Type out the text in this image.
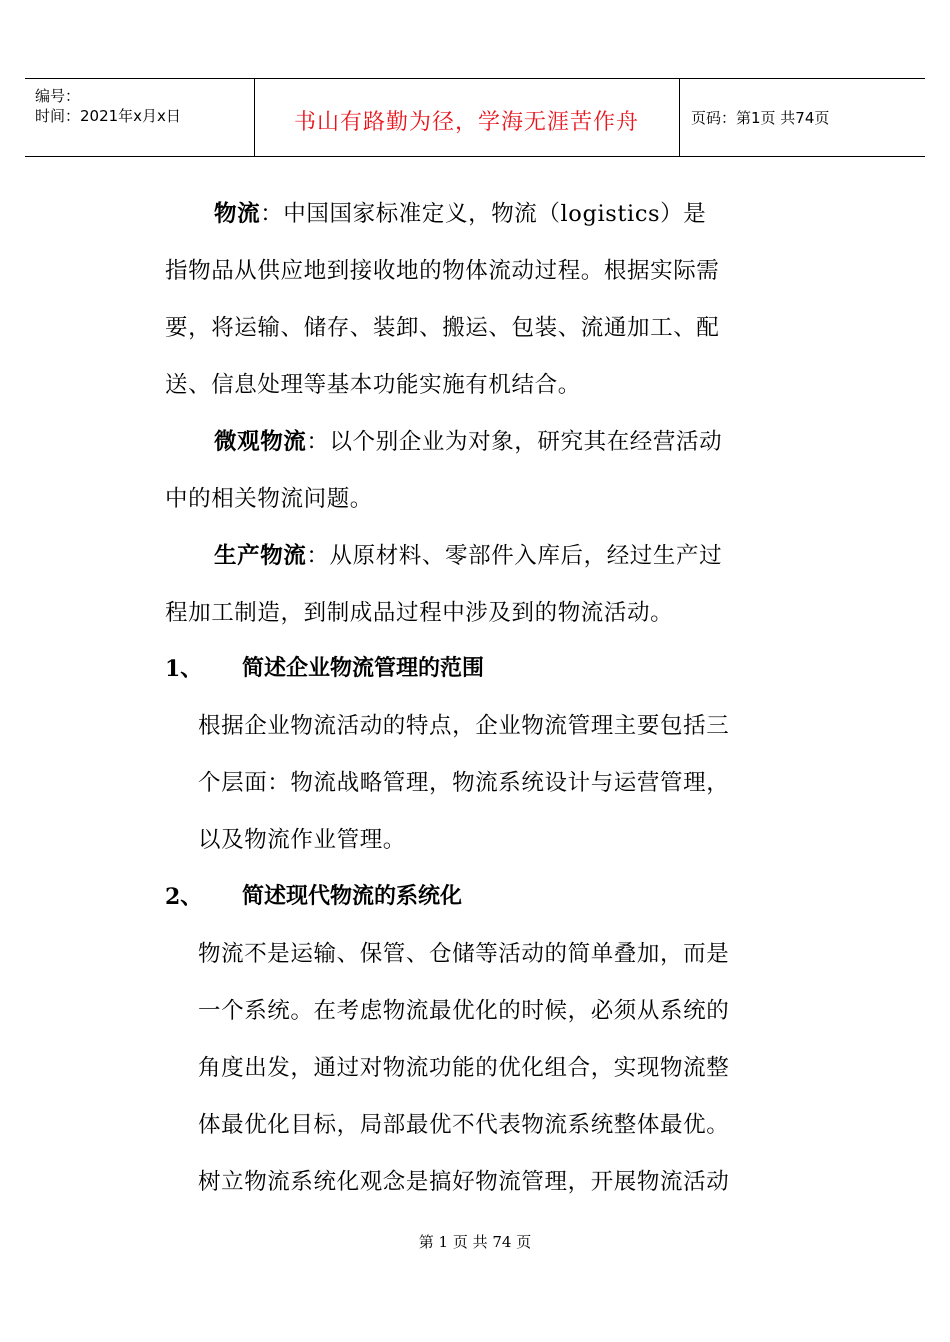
编号：
时间：2021年x月x日	书山有路勤为径，学海无涯苦作舟	页码：第1页 共74页
物流：中国国家标准定义，物流（logistics）是
指物品从供应地到接收地的物体流动过程。根据实际需
要，将运输、储存、装卸、搬运、包装、流通加工、配
送、信息处理等基本功能实施有机结合。
微观物流：以个别企业为对象，研究其在经营活动
中的相关物流问题。
生产物流：从原材料、零部件入库后，经过生产过
程加工制造，到制成品过程中涉及到的物流活动。
1、 简述企业物流管理的范围
根据企业物流活动的特点，企业物流管理主要包括三
个层面：物流战略管理，物流系统设计与运营管理，
以及物流作业管理。
2、 简述现代物流的系统化
物流不是运输、保管、仓储等活动的简单叠加，而是
一个系统。在考虑物流最优化的时候，必须从系统的
角度出发，通过对物流功能的优化组合，实现物流整
体最优化目标，局部最优不代表物流系统整体最优。
树立物流系统化观念是搞好物流管理，开展物流活动
第 1 页 共 74 页
